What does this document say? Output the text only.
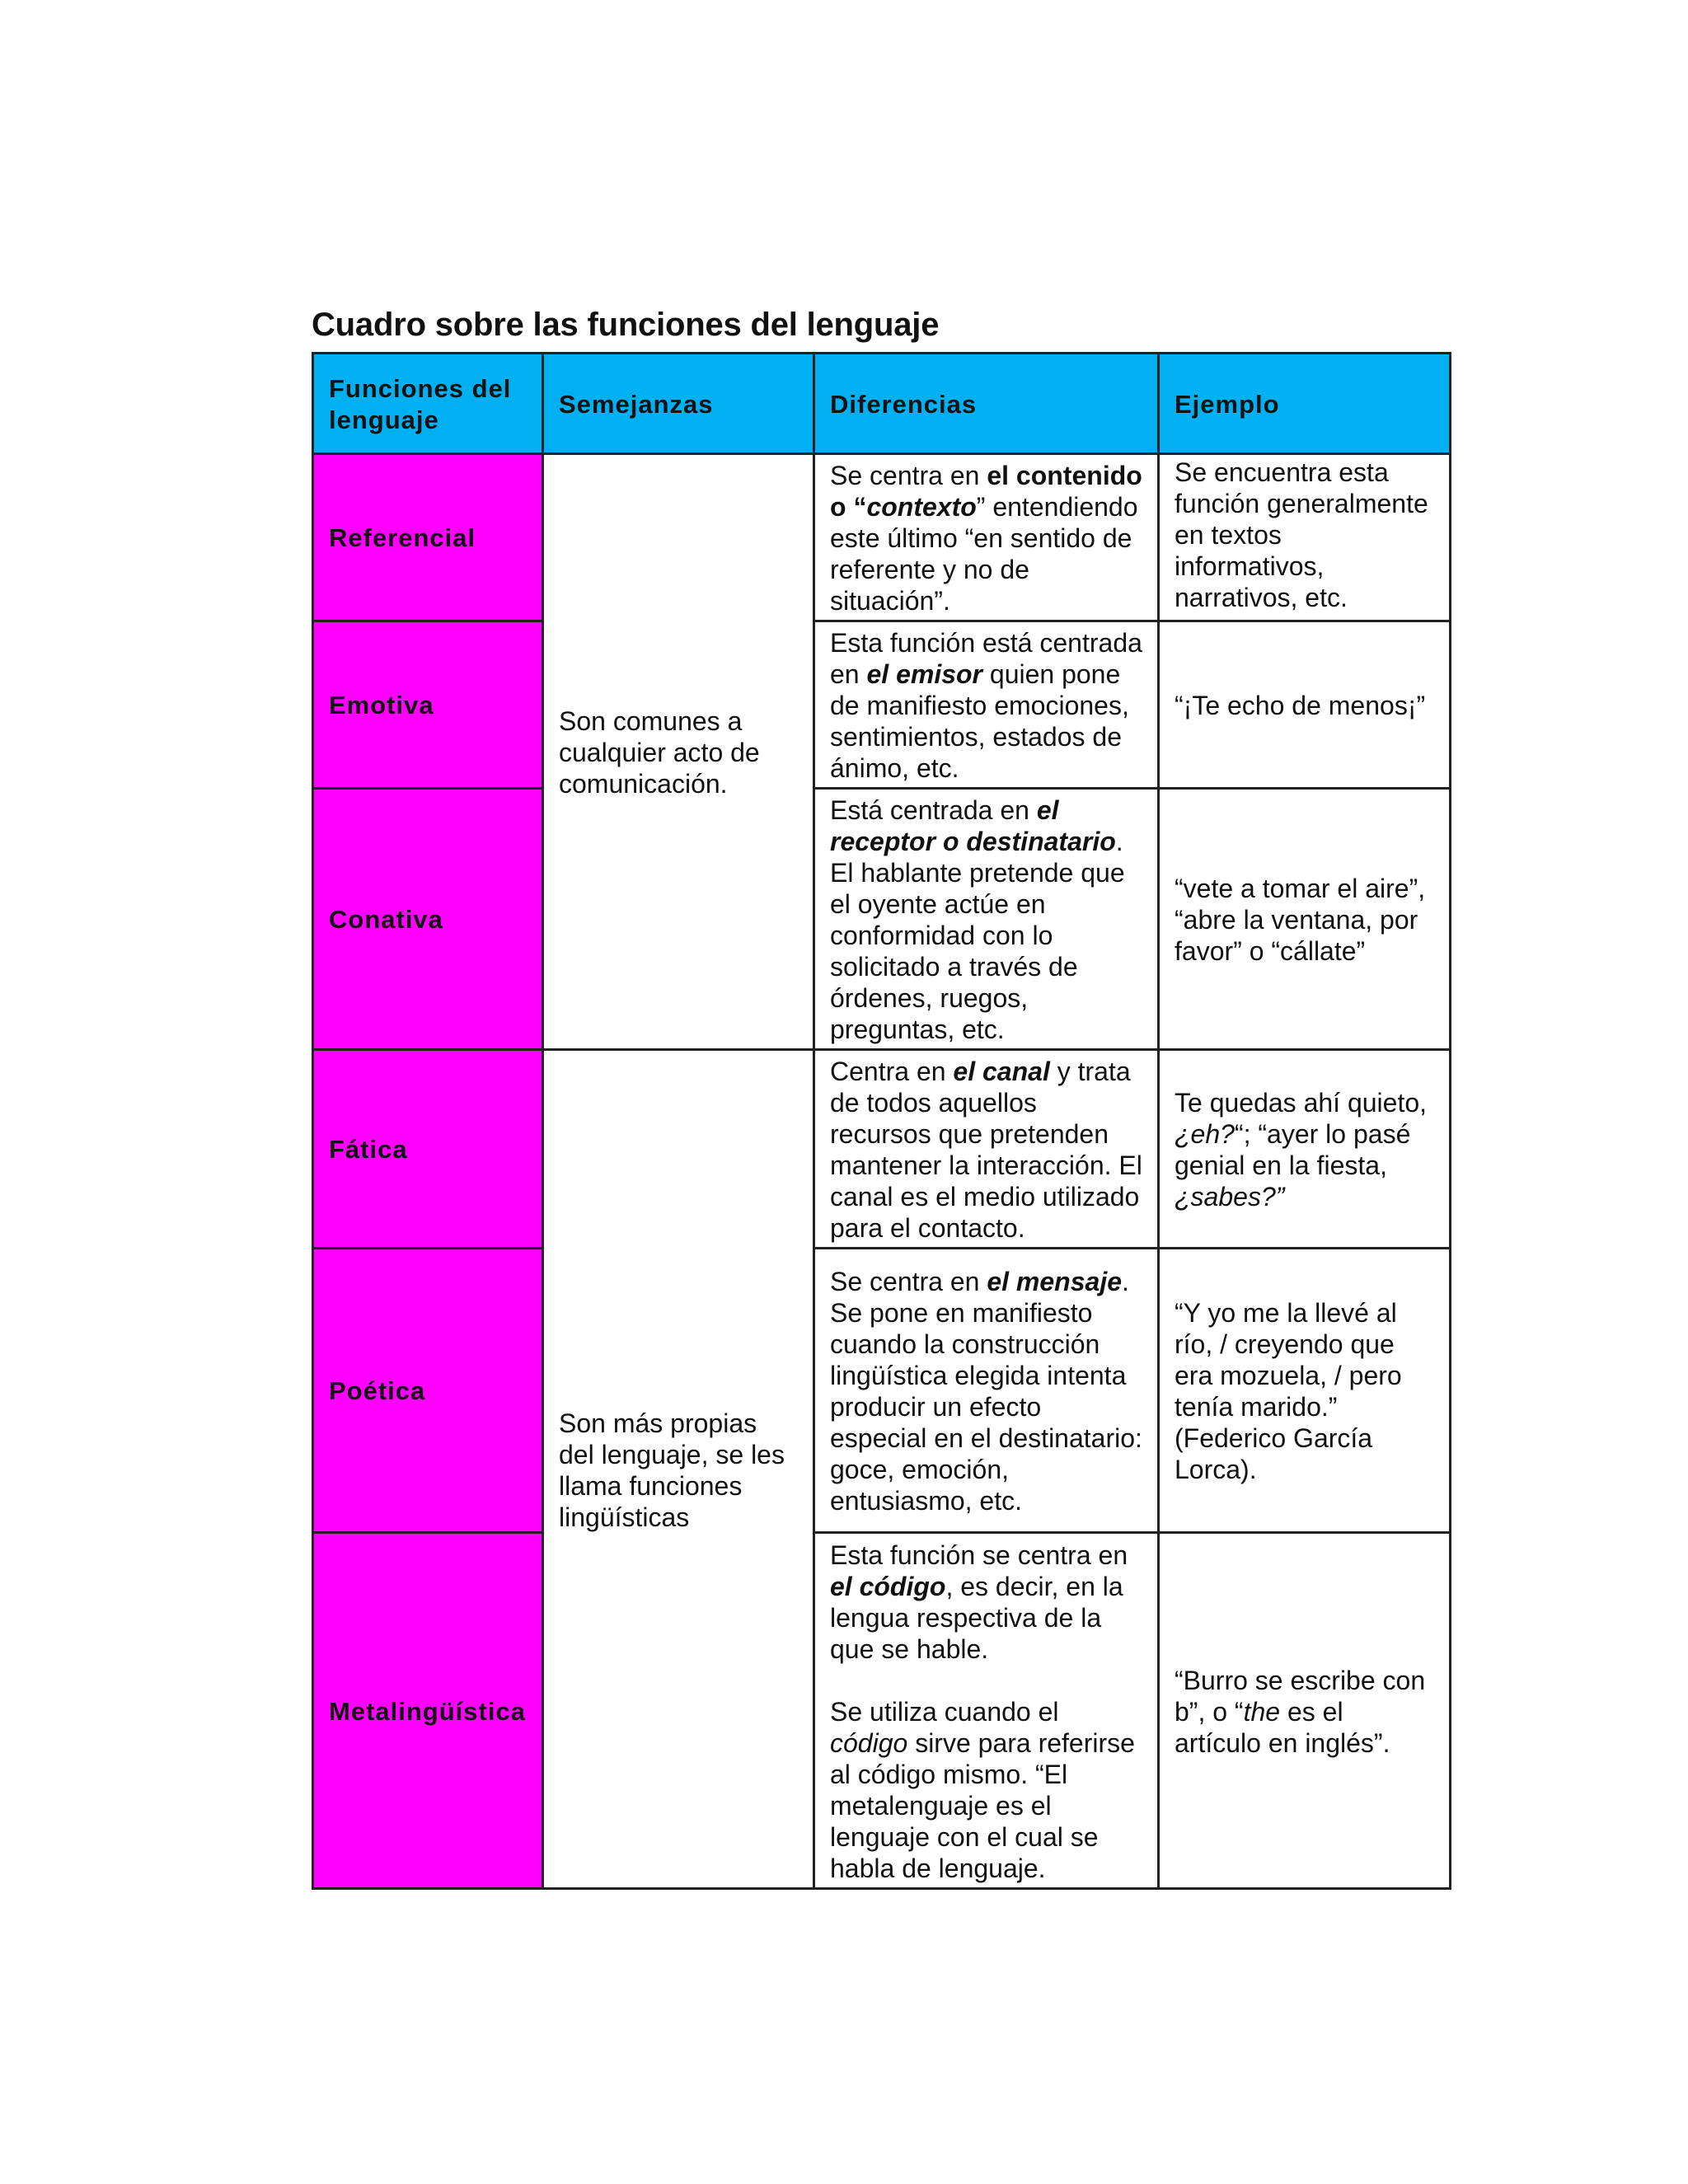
Cuadro sobre las funciones del lenguaje
Funciones del lenguaje	Semejanzas	Diferencias	Ejemplo
Referencial	Son comunes a cualquier acto de comunicación.	Se centra en el contenido o “contexto” entendiendo este último “en sentido de referente y no de situación”.	Se encuentra esta función generalmente en textos informativos, narrativos, etc.
Emotiva		Esta función está centrada en el emisor quien pone de manifiesto emociones, sentimientos, estados de ánimo, etc.	“¡Te echo de menos¡”
Conativa		Está centrada en el receptor o destinatario. El hablante pretende que el oyente actúe en conformidad con lo solicitado a través de órdenes, ruegos, preguntas, etc.	“vete a tomar el aire”, “abre la ventana, por favor” o “cállate”
Fática	Son más propias del lenguaje, se les llama funciones lingüísticas	Centra en el canal y trata de todos aquellos recursos que pretenden mantener la interacción. El canal es el medio utilizado para el contacto.	Te quedas ahí quieto, ¿eh?“; “ayer lo pasé genial en la fiesta, ¿sabes?”
Poética		Se centra en el mensaje. Se pone en manifiesto cuando la construcción lingüística elegida intenta producir un efecto especial en el destinatario: goce, emoción, entusiasmo, etc.	“Y yo me la llevé al río, / creyendo que era mozuela, / pero tenía marido.” (Federico García Lorca).
Metalingüística		Esta función se centra en el código, es decir, en la lengua respectiva de la que se hable.
Se utiliza cuando el código sirve para referirse al código mismo. “El metalenguaje es el lenguaje con el cual se habla de lenguaje.	“Burro se escribe con b”, o “the es el artículo en inglés”.
